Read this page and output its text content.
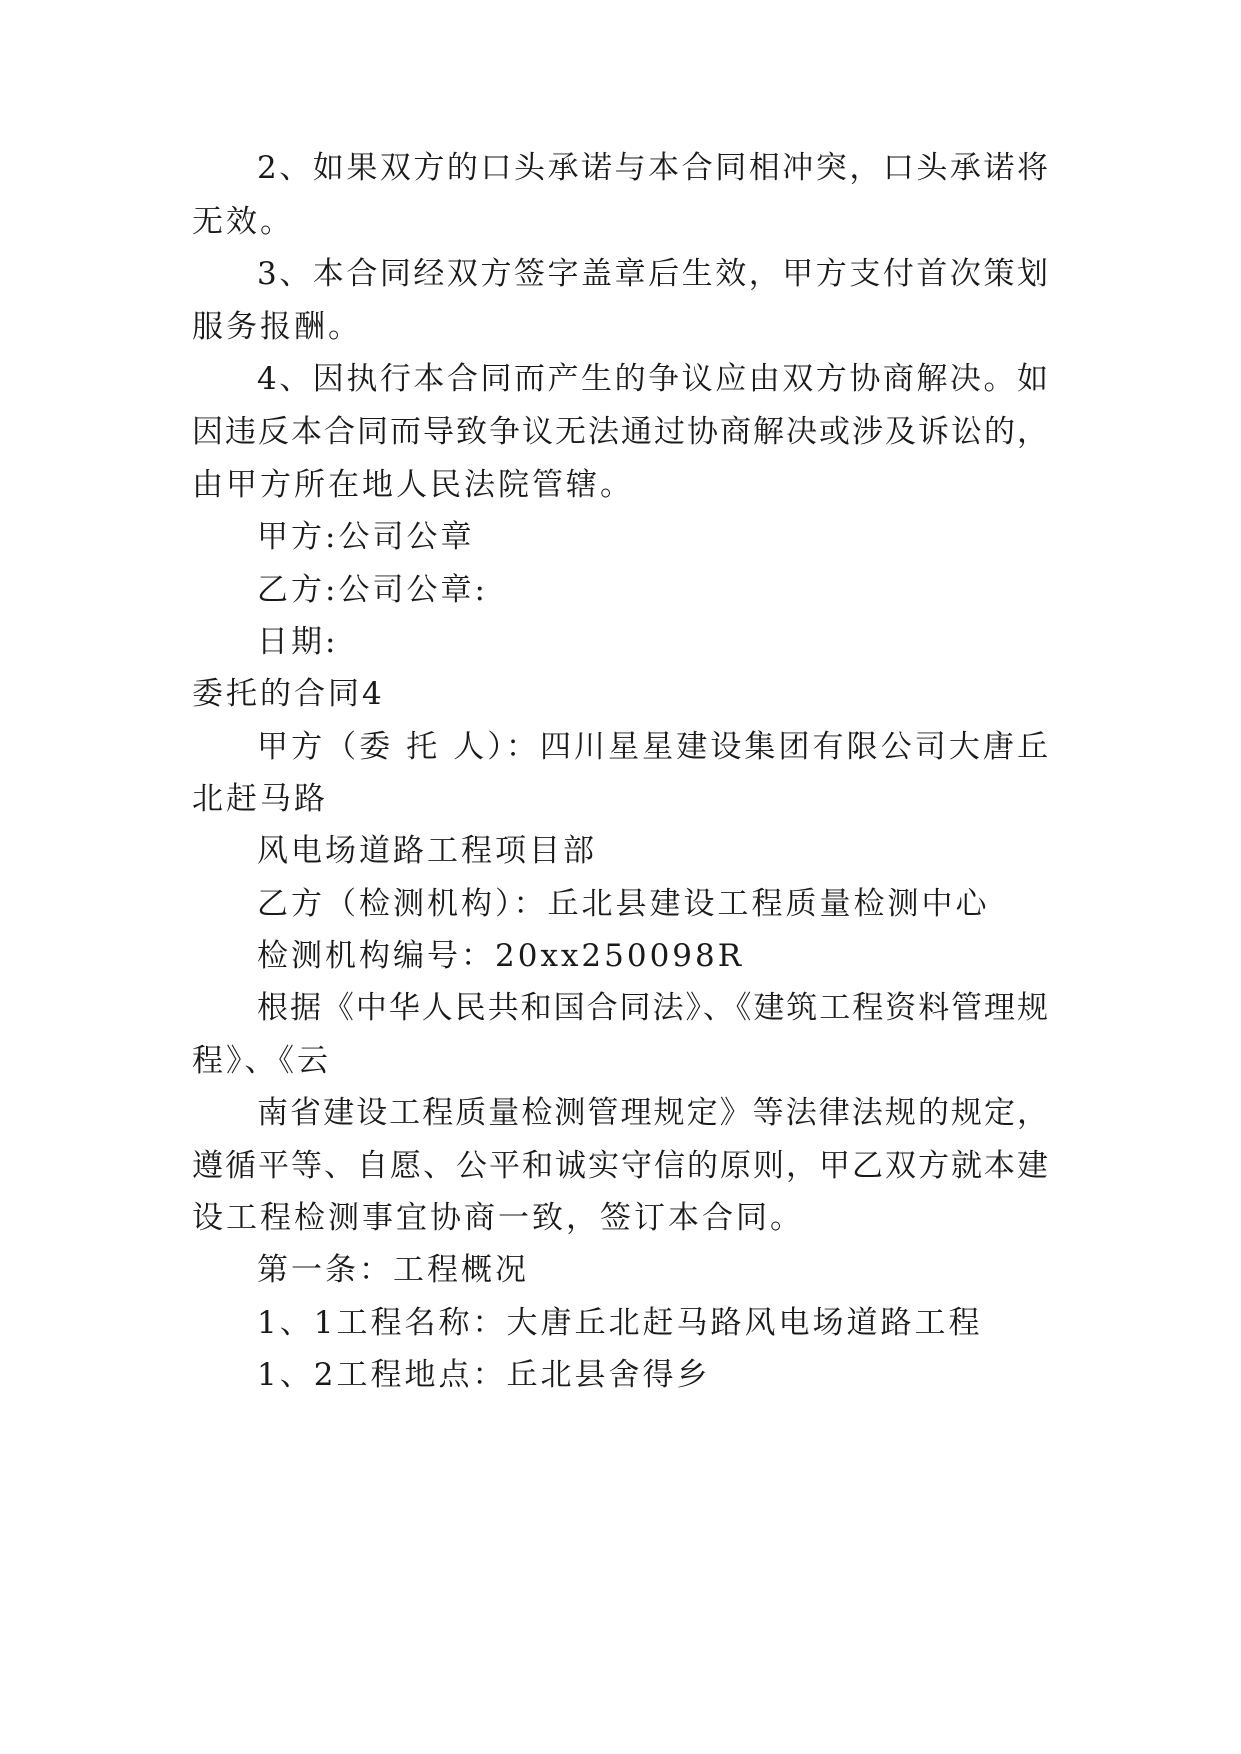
2、如果双方的口头承诺与本合同相冲突，口头承诺将
无效。
3、本合同经双方签字盖章后生效，甲方支付首次策划
服务报酬。
4、因执行本合同而产生的争议应由双方协商解决。如
因违反本合同而导致争议无法通过协商解决或涉及诉讼的，
由甲方所在地人民法院管辖。
甲方:公司公章
乙方:公司公章:
日期:
委托的合同4
甲方（委 托 人）：四川星星建设集团有限公司大唐丘
北赶马路
风电场道路工程项目部
乙方（检测机构）：丘北县建设工程质量检测中心
检测机构编号：20xx250098R
根据《中华人民共和国合同法》、《建筑工程资料管理规
程》、《云
南省建设工程质量检测管理规定》等法律法规的规定，
遵循平等、自愿、公平和诚实守信的原则，甲乙双方就本建
设工程检测事宜协商一致，签订本合同。
第一条：工程概况
1、1工程名称：大唐丘北赶马路风电场道路工程
1、2工程地点：丘北县舍得乡
